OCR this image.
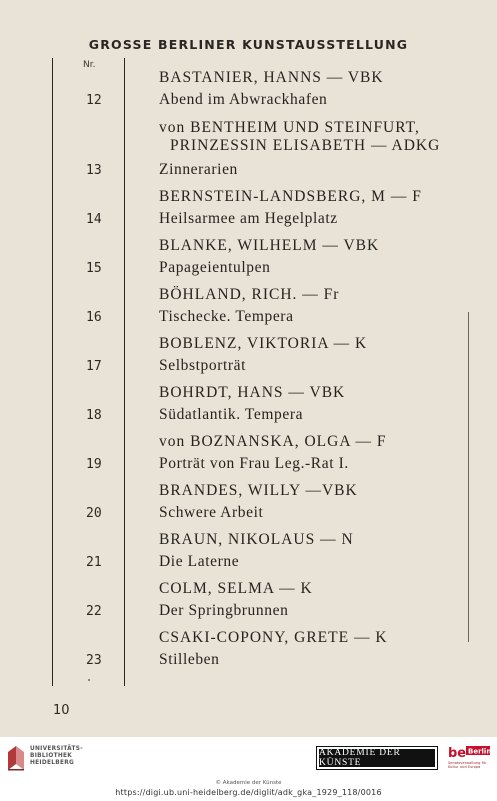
GROSSE BERLINER KUNSTAUSSTELLUNG
Nr.
BASTANIER, HANNS — VBK
12	Abend im Abwrackhafen
von BENTHEIM UND STEINFURT,
PRINZESSIN ELISABETH — ADKG
13	Zinnerarien
BERNSTEIN-LANDSBERG, M — F
14	Heilsarmee am Hegelplatz
BLANKE, WILHELM — VBK
15	Papageientulpen
BÖHLAND, RICH. — Fr
16	Tischecke. Tempera
BOBLENZ, VIKTORIA — K
17	Selbstporträt
BOHRDT, HANS — VBK
18	Südatlantik. Tempera
von BOZNANSKA, OLGA — F
19	Porträt von Frau Leg.-Rat I.
BRANDES, WILLY —VBK
20	Schwere Arbeit
BRAUN, NIKOLAUS — N
21	Die Laterne
COLM, SELMA — K
22	Der Springbrunnen
CSAKI-COPONY, GRETE — K
23	Stilleben
10
UNIVERSITÄTS-
BIBLIOTHEK
HEIDELBERG
AKADEMIE DER KÜNSTE
be Berlin
Senatsverwaltung für Kultur und Europa
© Akademie der Künste
https://digi.ub.uni-heidelberg.de/diglit/adk_gka_1929_118/0016
